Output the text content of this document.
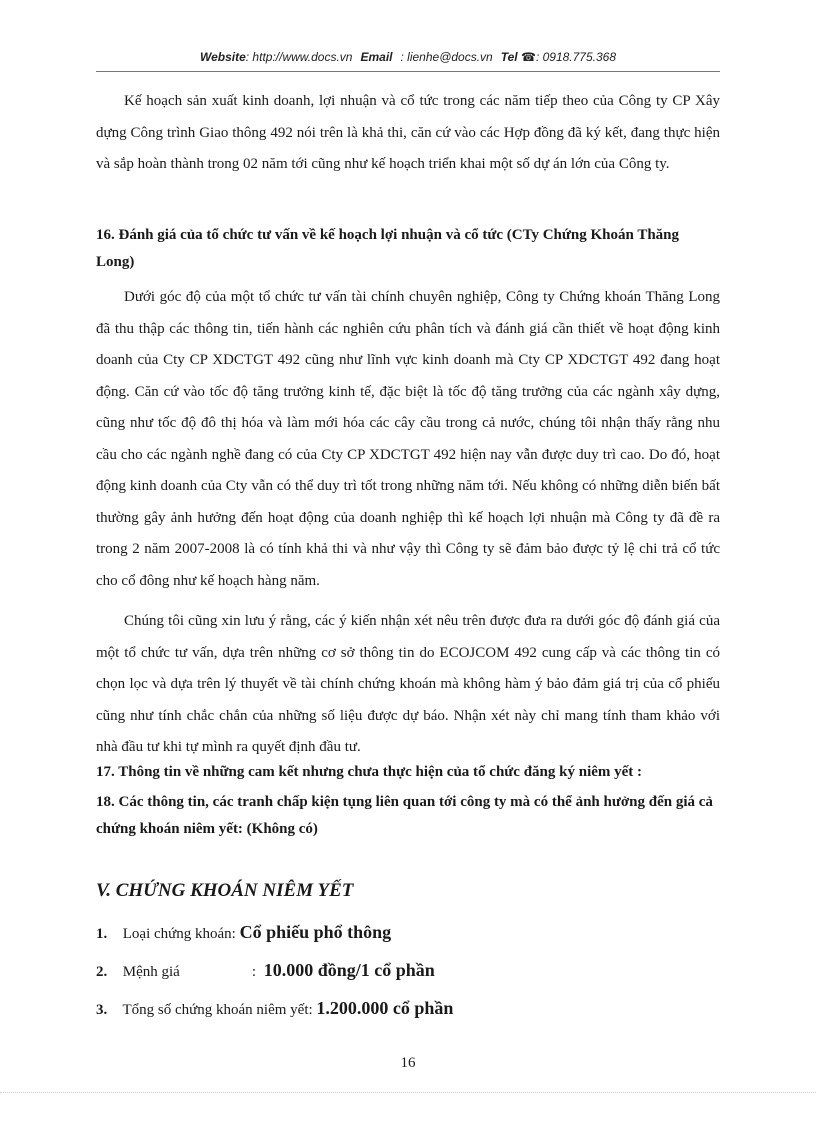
Website: http://www.docs.vn Email : lienhe@docs.vn Tel ☎: 0918.775.368

Kế hoạch sản xuất kinh doanh, lợi nhuận và cổ tức trong các năm tiếp theo của Công ty CP Xây dựng Công trình Giao thông 492 nói trên là khả thi, căn cứ vào các Hợp đồng đã ký kết, đang thực hiện và sắp hoàn thành trong 02 năm tới cũng như kế hoạch triển khai một số dự án lớn của Công ty.

16. Đánh giá của tổ chức tư vấn về kế hoạch lợi nhuận và cổ tức (CTy Chứng Khoán Thăng Long)

Dưới góc độ của một tổ chức tư vấn tài chính chuyên nghiệp, Công ty Chứng khoán Thăng Long đã thu thập các thông tin, tiến hành các nghiên cứu phân tích và đánh giá cần thiết về hoạt động kinh doanh của Cty CP XDCTGT 492 cũng như lĩnh vực kinh doanh mà Cty CP XDCTGT 492 đang hoạt động. Căn cứ vào tốc độ tăng trưởng kinh tế, đặc biệt là tốc độ tăng trưởng của các ngành xây dựng, cũng như tốc độ đô thị hóa và làm mới hóa các cây cầu trong cả nước, chúng tôi nhận thấy rằng nhu cầu cho các ngành nghề đang có của Cty CP XDCTGT 492 hiện nay vẫn được duy trì cao. Do đó, hoạt động kinh doanh của Cty vẫn có thể duy trì tốt trong những năm tới. Nếu không có những diễn biến bất thường gây ảnh hưởng đến hoạt động của doanh nghiệp thì kế hoạch lợi nhuận mà Công ty đã đề ra trong 2 năm 2007-2008 là có tính khả thi và như vậy thì Công ty sẽ đảm bảo được tỷ lệ chi trả cổ tức cho cổ đông như kế hoạch hàng năm.

Chúng tôi cũng xin lưu ý rằng, các ý kiến nhận xét nêu trên được đưa ra dưới góc độ đánh giá của một tổ chức tư vấn, dựa trên những cơ sở thông tin do ECOJCOM 492 cung cấp và các thông tin có chọn lọc và dựa trên lý thuyết về tài chính chứng khoán mà không hàm ý bảo đảm giá trị của cổ phiếu cũng như tính chắc chắn của những số liệu được dự báo. Nhận xét này chỉ mang tính tham khảo với nhà đầu tư khi tự mình ra quyết định đầu tư.

17. Thông tin về những cam kết nhưng chưa thực hiện của tổ chức đăng ký niêm yết :

18. Các thông tin, các tranh chấp kiện tụng liên quan tới công ty mà có thể ảnh hưởng đến giá cả chứng khoán niêm yết: (Không có)

V. CHỨNG KHOÁN NIÊM YẾT

1. Loại chứng khoán: Cổ phiếu phổ thông

2. Mệnh giá	: 10.000 đồng/1 cổ phần

3. Tổng số chứng khoán niêm yết: 1.200.000 cổ phần

16
